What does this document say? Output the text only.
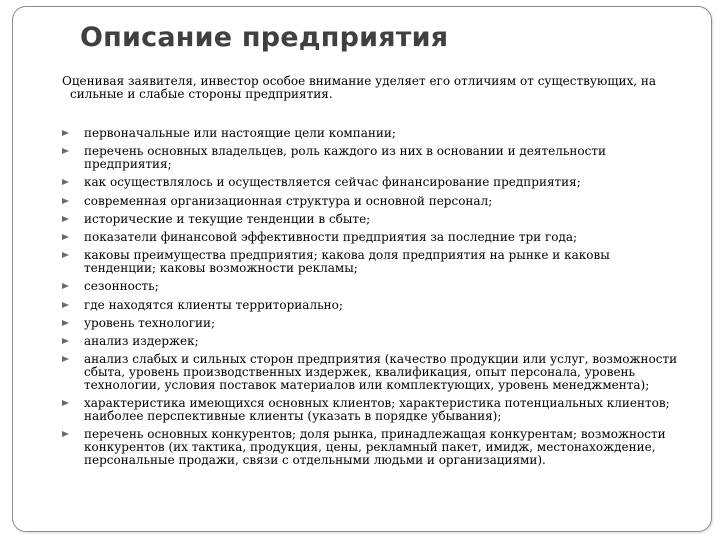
Описание предприятия

Оценивая заявителя, инвестор особое внимание уделяет его отличиям от существующих, на сильные и слабые стороны предприятия.

первоначальные или настоящие цели компании;
перечень основных владельцев, роль каждого из них в основании и деятельности предприятия;
как осуществлялось и осуществляется сейчас финансирование предприятия;
современная организационная структура и основной персонал;
исторические и текущие тенденции в сбыте;
показатели финансовой эффективности предприятия за последние три года;
каковы преимущества предприятия; какова доля предприятия на рынке и каковы тенденции; каковы возможности рекламы;
сезонность;
где находятся клиенты территориально;
уровень технологии;
анализ издержек;
анализ слабых и сильных сторон предприятия (качество продукции или услуг, возможности сбыта, уровень производственных издержек, квалификация, опыт персонала, уровень технологии, условия поставок материалов или комплектующих, уровень менеджмента);
характеристика имеющихся основных клиентов; характеристика потенциальных клиентов; наиболее перспективные клиенты (указать в порядке убывания);
перечень основных конкурентов; доля рынка, принадлежащая конкурентам; возможности конкурентов (их тактика, продукция, цены, рекламный пакет, имидж, местонахождение, персональные продажи, связи с отдельными людьми и организациями).
